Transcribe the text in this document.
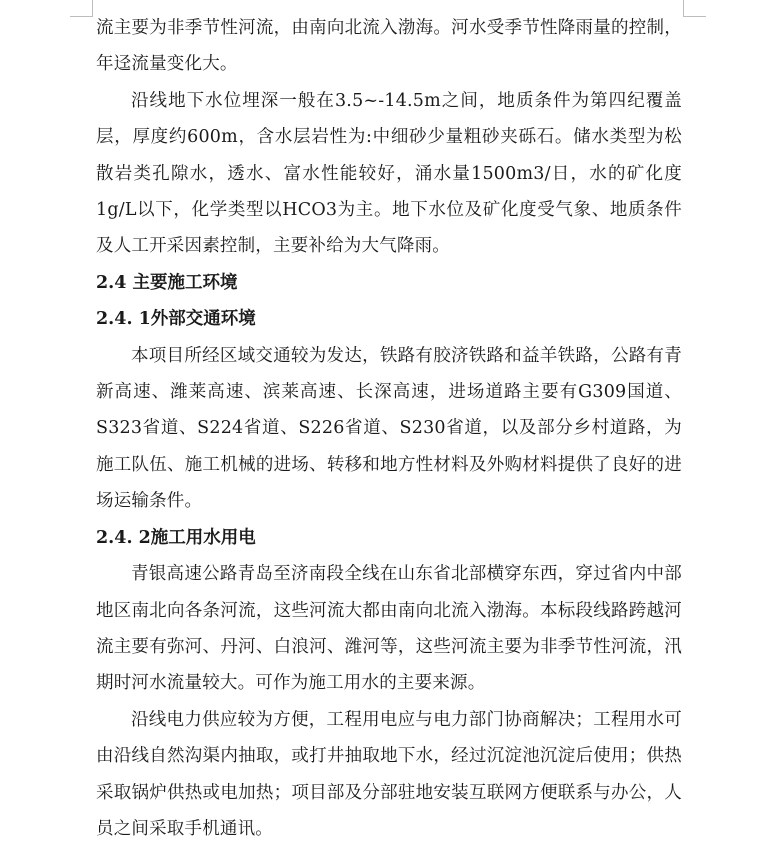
流主要为非季节性河流，由南向北流入渤海。河水受季节性降雨量的控制，年迳流量变化大。

沿线地下水位埋深一般在3.5~-14.5m之间，地质条件为第四纪覆盖层，厚度约600m，含水层岩性为:中细砂少量粗砂夹砾石。储水类型为松散岩类孔隙水，透水、富水性能较好，涌水量1500m3/日，水的矿化度1g/L以下，化学类型以HCO3为主。地下水位及矿化度受气象、地质条件及人工开采因素控制，主要补给为大气降雨。

2.4 主要施工环境
2.4. 1外部交通环境

本项目所经区域交通较为发达，铁路有胶济铁路和益羊铁路，公路有青新高速、潍莱高速、滨莱高速、长深高速，进场道路主要有G309国道、S323省道、S224省道、S226省道、S230省道，以及部分乡村道路，为施工队伍、施工机械的进场、转移和地方性材料及外购材料提供了良好的进场运输条件。

2.4. 2施工用水用电

青银高速公路青岛至济南段全线在山东省北部横穿东西，穿过省内中部地区南北向各条河流，这些河流大都由南向北流入渤海。本标段线路跨越河流主要有弥河、丹河、白浪河、潍河等，这些河流主要为非季节性河流，汛期时河水流量较大。可作为施工用水的主要来源。

沿线电力供应较为方便，工程用电应与电力部门协商解决；工程用水可由沿线自然沟渠内抽取，或打井抽取地下水，经过沉淀池沉淀后使用；供热采取锅炉供热或电加热；项目部及分部驻地安装互联网方便联系与办公，人员之间采取手机通讯。
